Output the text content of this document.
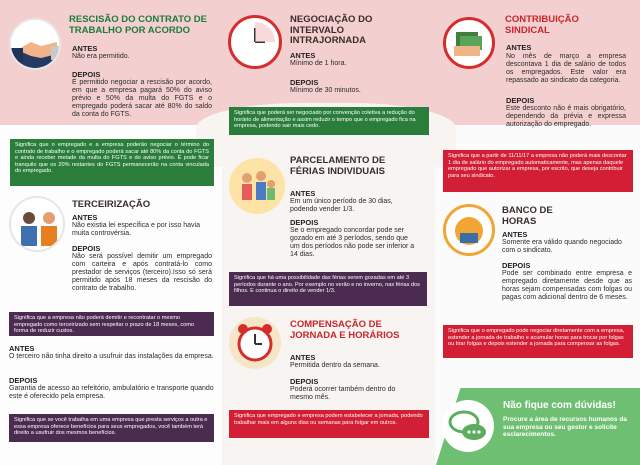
RESCISÃO DO CONTRATO DE TRABALHO POR ACORDO
ANTES
Não era permitido.
DEPOIS
É permitido negociar a rescisão por acordo, em que a empresa pagará 50% do aviso prévio e 50% da multa do FGTS e o empregado poderá sacar até 80% do saldo da conta do FGTS.
Significa que o empregado e a empresa poderão negociar o término do contrato de trabalho e o empregado poderá sacar até 80% da conta do FGTS e ainda receber metade da multa do FGTS e do aviso prévio. É pode ficar tranquilo que os 20% restantes do FGTS permanecerão na conta vinculada do empregado.
NEGOCIAÇÃO DO INTERVALO INTRAJORNADA
ANTES
Mínimo de 1 hora.
DEPOIS
Mínimo de 30 minutos.
Significa que poderá ser negociado por convenção coletiva a redução do horário de alimentação e assim reduzir o tempo que o empregado fica na empresa, podendo sair mais cedo.
CONTRIBUIÇÃO SINDICAL
ANTES
No mês de março a empresa descontava 1 dia de salário de todos os empregados. Este valor era repassado ao sindicato da categoria.
DEPOIS
Este desconto não é mais obrigatório, dependendo da prévia e expressa autorização do empregado.
Significa que a partir de 11/11/17 a empresa não poderá mais descontar 1 dia de salário do empregado automaticamente, mas apenas daquele empregado que autorizar a empresa, por escrito, que deseja contribuir para seu sindicato.
PARCELAMENTO DE FÉRIAS INDIVIDUAIS
ANTES
Em um único período de 30 dias, podendo vender 1/3.
DEPOIS
Se o empregado concordar pode ser gozado em até 3 períodos, sendo que um dos períodos não pode ser inferior a 14 dias.
Significa que há uma possibilidade das férias serem gozadas em até 3 períodos durante o ano. Por exemplo no verão e no inverno, nas férias dos filhos. E continua o direito de vender 1/3.
TERCEIRIZAÇÃO
ANTES
Não existia lei específica e por isso havia muita controvérsia.
DEPOIS
Não será possível demitir um empregado com carteira e após contratá-lo como prestador de serviços (terceiro).Isso só será permitido após 18 meses da rescisão do contrato de trabalho.
Significa que a empresa não poderá demitir e recontratar o mesmo empregado como terceirizado sem respeitar o prazo de 18 meses, como forma de reduzir custos.
ANTES
O terceiro não tinha direito a usufruir das instalações da empresa.
DEPOIS
Garantia de acesso ao refeitório, ambulatório e transporte quando este é oferecido pela empresa.
Significa que se você trabalha em uma empresa que presta serviços a outra e essa empresa oferece benefícios para seus empregados, você também terá direito a usufruir dos mesmos benefícios.
BANCO DE HORAS
ANTES
Somente era válido quando negociado com o sindicato.
DEPOIS
Pode ser combinado entre empresa e empregado diretamente desde que as horas sejam compensadas com folgas ou pagas com adicional dentro de 6 meses.
Significa que o empregado pode negociar diretamente com a empresa, estender a jornada de trabalho e acumular horas para trocar por folgas ou tirar folgas e depois estender a jornada para compensar as folgas.
COMPENSAÇÃO DE JORNADA E HORÁRIOS
ANTES
Permitida dentro da semana.
DEPOIS
Poderá ocorrer também dentro do mesmo mês.
Significa que empregado e empresa podem estabelecer a jornada, podendo trabalhar mais em alguns dias ou semanas para folgar em outros.
Não fique com dúvidas!
Procure a área de recursos humanos da sua empresa ou seu gestor e solicite esclarecimentos.
